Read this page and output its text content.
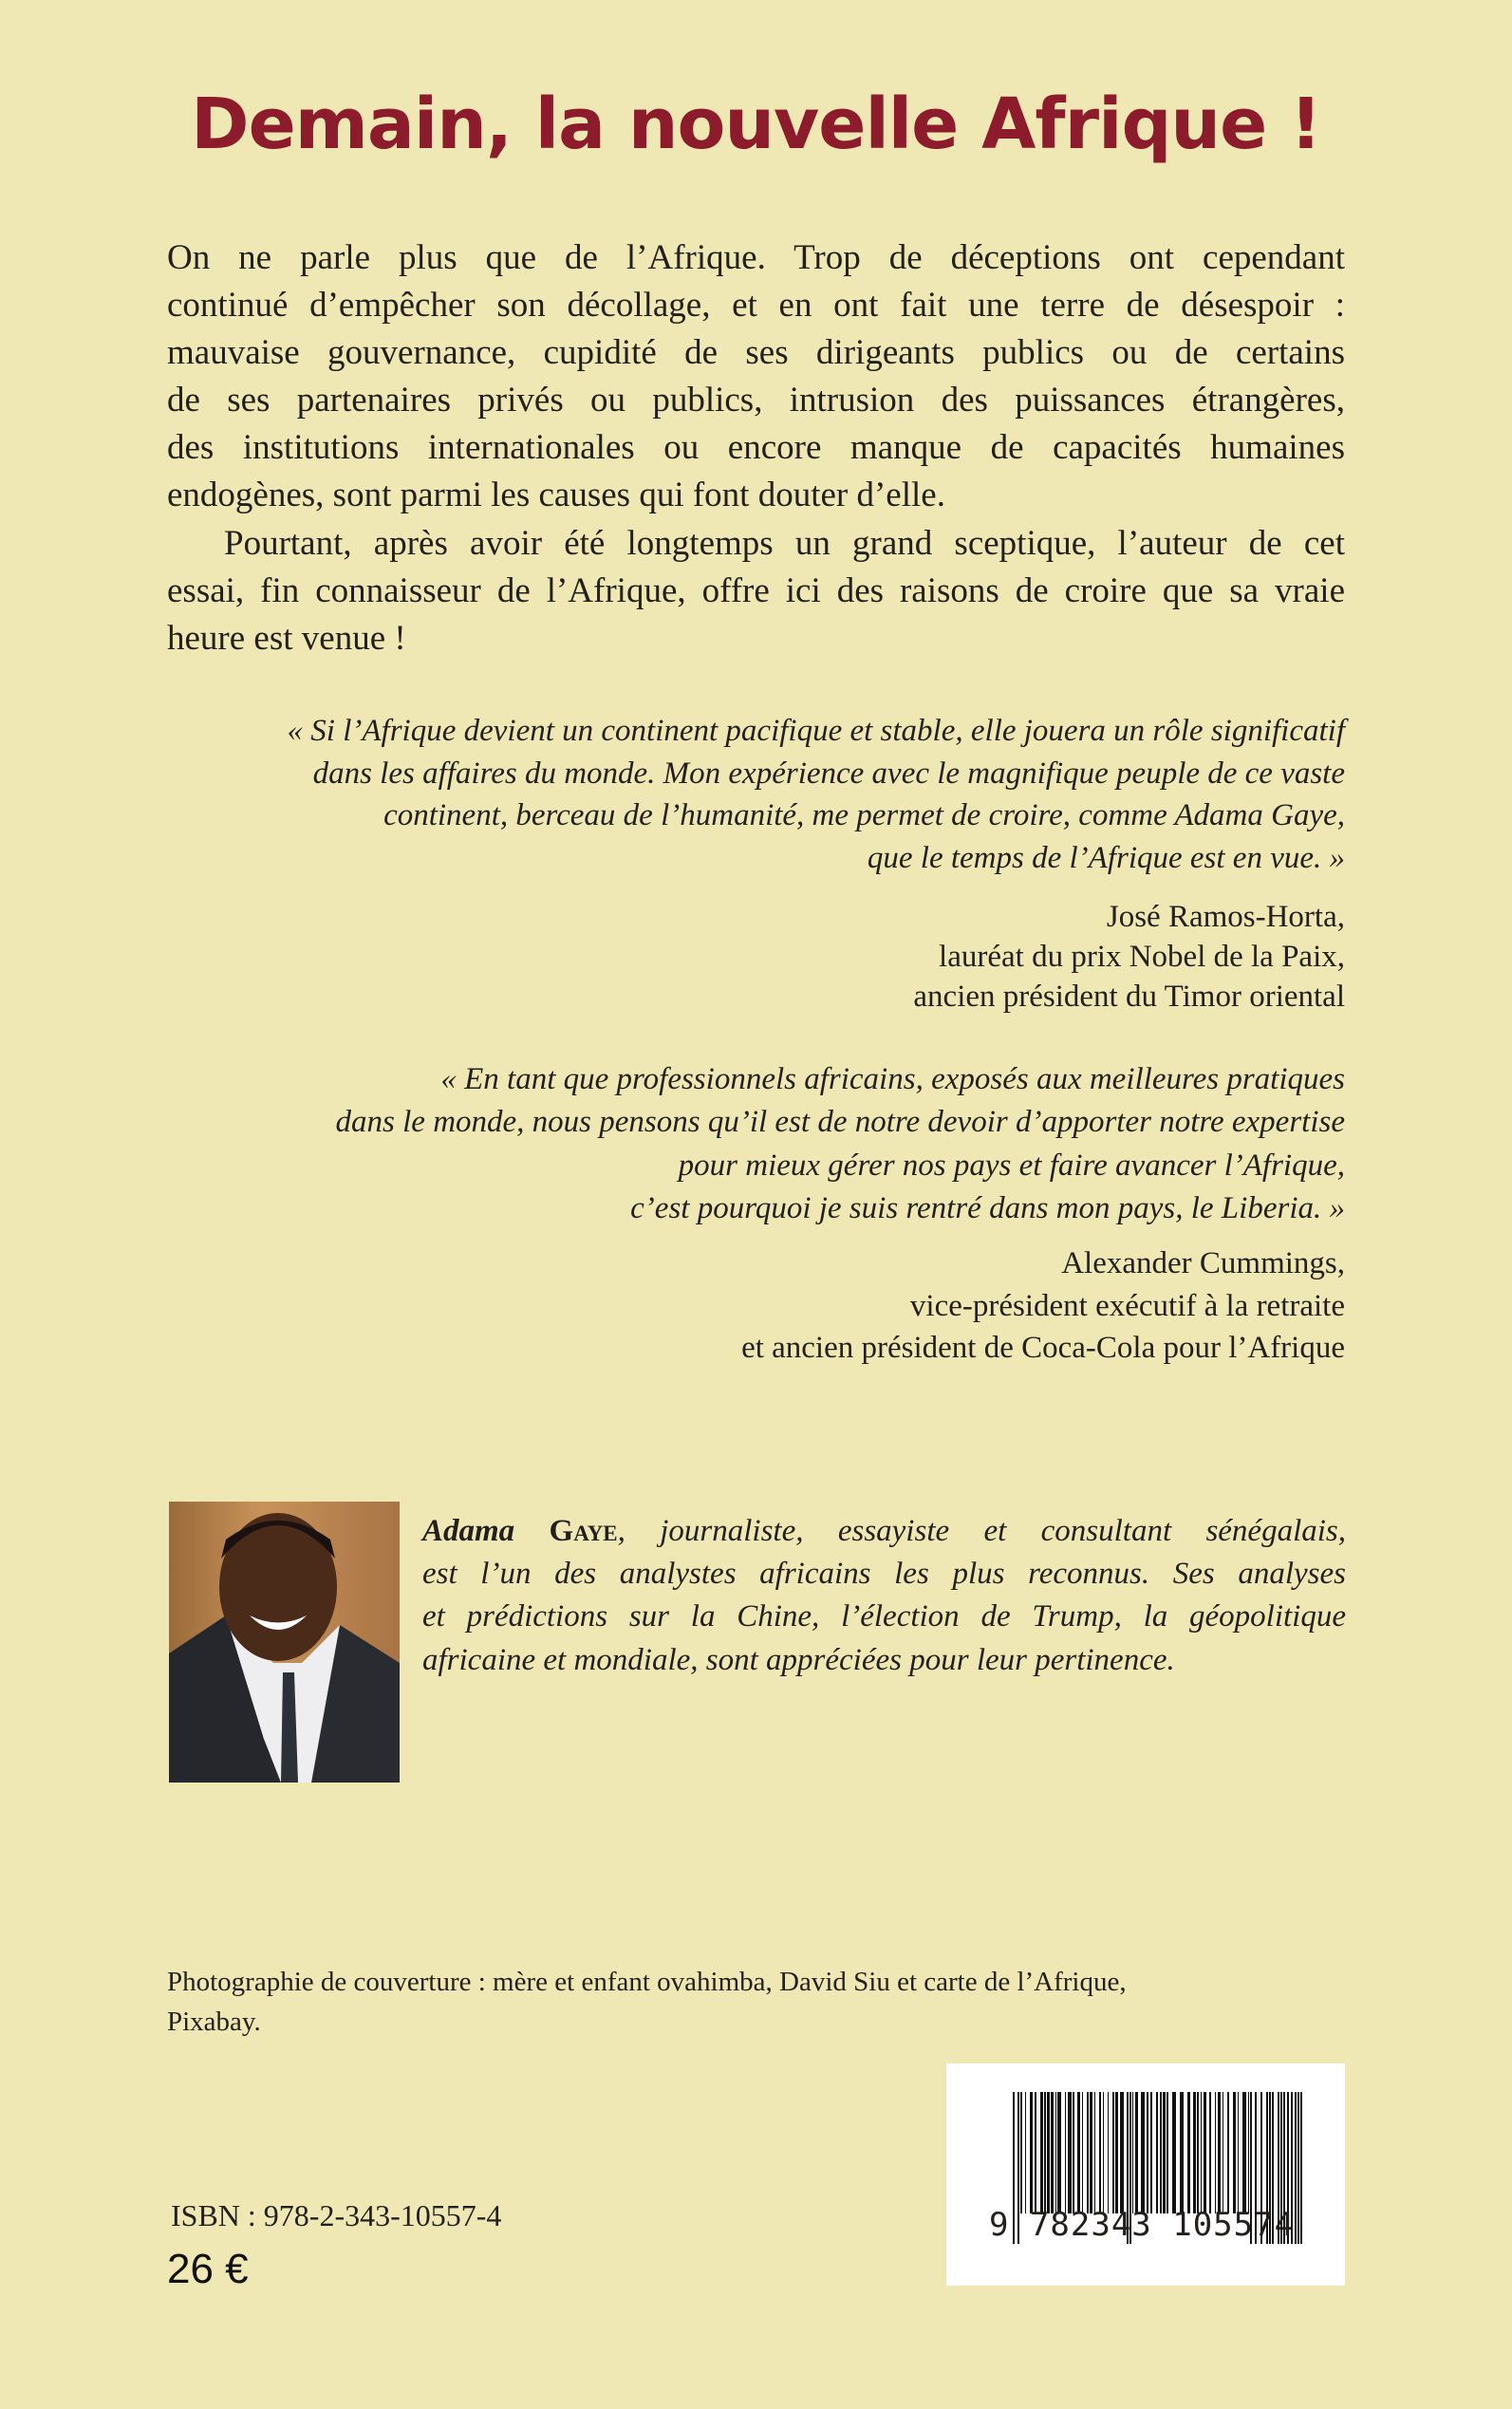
Demain, la nouvelle Afrique !
On ne parle plus que de l’Afrique. Trop de déceptions ont cependant
continué d’empêcher son décollage, et en ont fait une terre de désespoir :
mauvaise gouvernance, cupidité de ses dirigeants publics ou de certains
de ses partenaires privés ou publics, intrusion des puissances étrangères,
des institutions internationales ou encore manque de capacités humaines
endogènes, sont parmi les causes qui font douter d’elle.
Pourtant, après avoir été longtemps un grand sceptique, l’auteur de cet
essai, fin connaisseur de l’Afrique, offre ici des raisons de croire que sa vraie
heure est venue !
« Si l’Afrique devient un continent pacifique et stable, elle jouera un rôle significatif
dans les affaires du monde. Mon expérience avec le magnifique peuple de ce vaste
continent, berceau de l’humanité, me permet de croire, comme Adama Gaye,
que le temps de l’Afrique est en vue. »
José Ramos-Horta,
lauréat du prix Nobel de la Paix,
ancien président du Timor oriental
« En tant que professionnels africains, exposés aux meilleures pratiques
dans le monde, nous pensons qu’il est de notre devoir d’apporter notre expertise
pour mieux gérer nos pays et faire avancer l’Afrique,
c’est pourquoi je suis rentré dans mon pays, le Liberia. »
Alexander Cummings,
vice-président exécutif à la retraite
et ancien président de Coca-Cola pour l’Afrique
Adama Gaye, journaliste, essayiste et consultant sénégalais,
est l’un des analystes africains les plus reconnus. Ses analyses
et prédictions sur la Chine, l’élection de Trump, la géopolitique
africaine et mondiale, sont appréciées pour leur pertinence.
Photographie de couverture : mère et enfant ovahimba, David Siu et carte de l’Afrique,
Pixabay.
9 782343 105574
ISBN : 978-2-343-10557-4
26 €
